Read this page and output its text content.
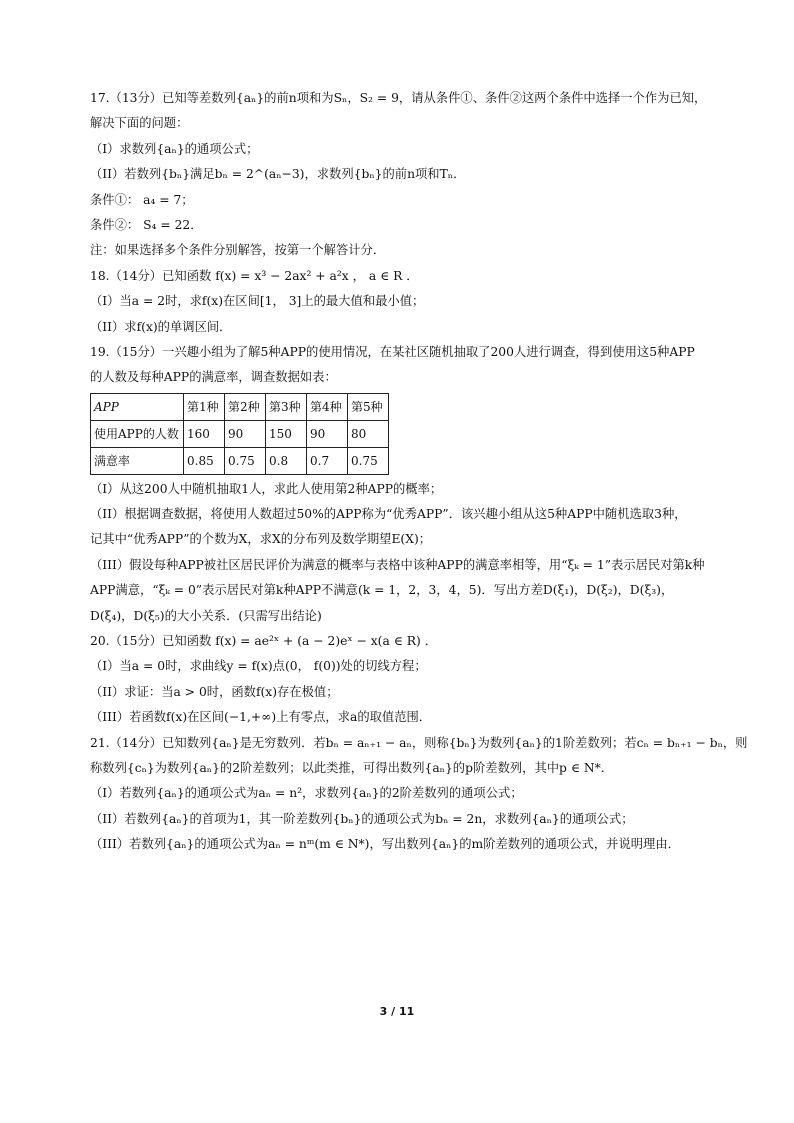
17.（13分）已知等差数列{aₙ}的前n项和为Sₙ，S₂ = 9，请从条件①、条件②这两个条件中选择一个作为已知，
解决下面的问题：
（I）求数列{aₙ}的通项公式；
（II）若数列{bₙ}满足bₙ = 2^(aₙ−3)，求数列{bₙ}的前n项和Tₙ．
条件①： a₄ = 7；
条件②： S₄ = 22．
注：如果选择多个条件分别解答，按第一个解答计分．
18.（14分）已知函数 f(x) = x³ − 2ax² + a²x ， a ∈ R ．
（I）当a = 2时，求f(x)在区间[1， 3]上的最大值和最小值；
（II）求f(x)的单调区间．
19.（15分）一兴趣小组为了解5种APP的使用情况，在某社区随机抽取了200人进行调查，得到使用这5种APP
的人数及每种APP的满意率，调查数据如表：
APP	第1种	第2种	第3种	第4种	第5种
使用APP的人数	160	90	150	90	80
满意率	0.85	0.75	0.8	0.7	0.75
（I）从这200人中随机抽取1人，求此人使用第2种APP的概率；
（II）根据调查数据，将使用人数超过50%的APP称为“优秀APP”．该兴趣小组从这5种APP中随机选取3种，
记其中“优秀APP”的个数为X，求X的分布列及数学期望E(X)；
（III）假设每种APP被社区居民评价为满意的概率与表格中该种APP的满意率相等，用“ξₖ = 1”表示居民对第k种
APP满意，“ξₖ = 0”表示居民对第k种APP不满意(k = 1，2，3，4，5)．写出方差D(ξ₁)，D(ξ₂)，D(ξ₃)，
D(ξ₄)，D(ξ₅)的大小关系．(只需写出结论)
20.（15分）已知函数 f(x) = ae²ˣ + (a − 2)eˣ − x(a ∈ R) ．
（I）当a = 0时，求曲线y = f(x)点(0， f(0))处的切线方程；
（II）求证：当a > 0时，函数f(x)存在极值；
（III）若函数f(x)在区间(−1,+∞)上有零点，求a的取值范围．
21.（14分）已知数列{aₙ}是无穷数列．若bₙ = aₙ₊₁ − aₙ，则称{bₙ}为数列{aₙ}的1阶差数列；若cₙ = bₙ₊₁ − bₙ，则
称数列{cₙ}为数列{aₙ}的2阶差数列；以此类推，可得出数列{aₙ}的p阶差数列，其中p ∈ N*．
（I）若数列{aₙ}的通项公式为aₙ = n²，求数列{aₙ}的2阶差数列的通项公式；
（II）若数列{aₙ}的首项为1，其一阶差数列{bₙ}的通项公式为bₙ = 2n，求数列{aₙ}的通项公式；
（III）若数列{aₙ}的通项公式为aₙ = nᵐ(m ∈ N*)，写出数列{aₙ}的m阶差数列的通项公式，并说明理由．
3 / 11
